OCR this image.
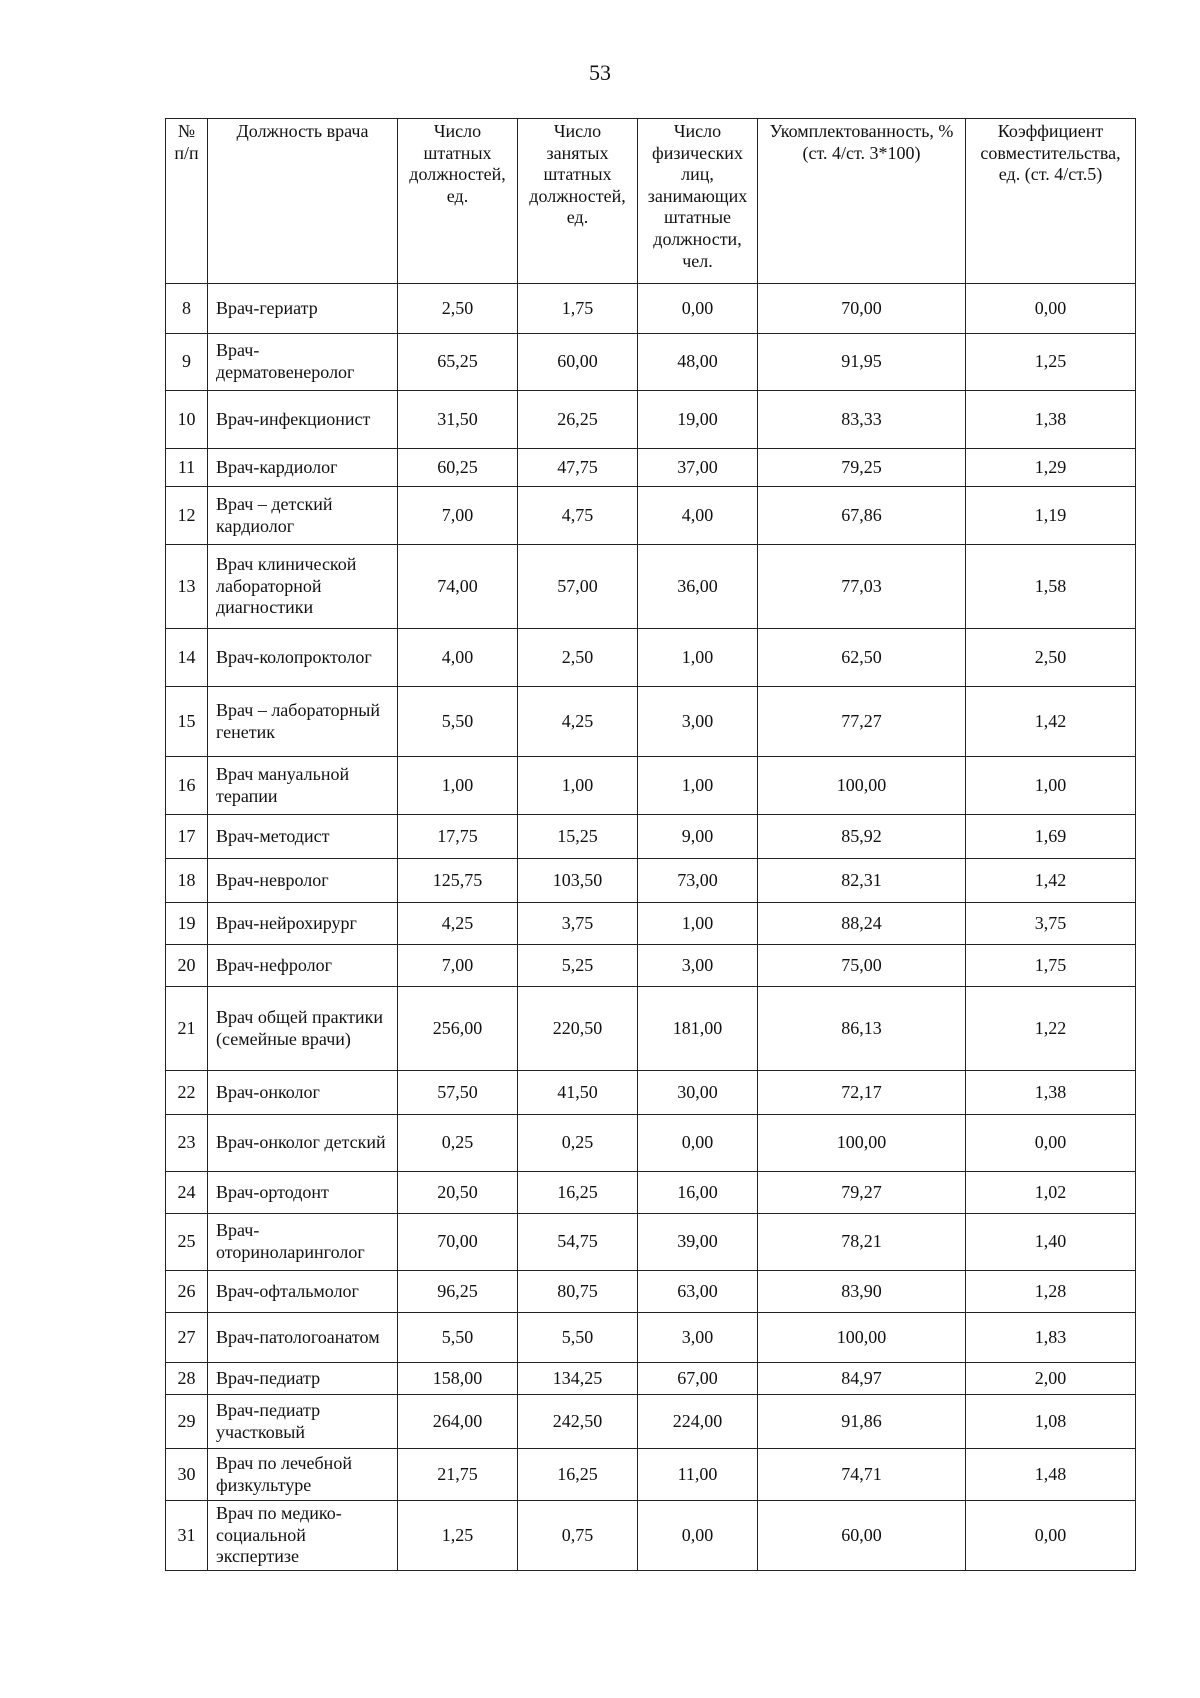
53
№ п/п	Должность врача	Число штатных должностей, ед.	Число занятых штатных должностей, ед.	Число физических лиц, занимающих штатные должности, чел.	Укомплектованность, % (ст. 4/ст. 3*100)	Коэффициент совместительства, ед. (ст. 4/ст.5)
8	Врач-гериатр	2,50	1,75	0,00	70,00	0,00
9	Врач-дерматовенеролог	65,25	60,00	48,00	91,95	1,25
10	Врач-инфекционист	31,50	26,25	19,00	83,33	1,38
11	Врач-кардиолог	60,25	47,75	37,00	79,25	1,29
12	Врач – детский кардиолог	7,00	4,75	4,00	67,86	1,19
13	Врач клинической лабораторной диагностики	74,00	57,00	36,00	77,03	1,58
14	Врач-колопроктолог	4,00	2,50	1,00	62,50	2,50
15	Врач – лабораторный генетик	5,50	4,25	3,00	77,27	1,42
16	Врач мануальной терапии	1,00	1,00	1,00	100,00	1,00
17	Врач-методист	17,75	15,25	9,00	85,92	1,69
18	Врач-невролог	125,75	103,50	73,00	82,31	1,42
19	Врач-нейрохирург	4,25	3,75	1,00	88,24	3,75
20	Врач-нефролог	7,00	5,25	3,00	75,00	1,75
21	Врач общей практики (семейные врачи)	256,00	220,50	181,00	86,13	1,22
22	Врач-онколог	57,50	41,50	30,00	72,17	1,38
23	Врач-онколог детский	0,25	0,25	0,00	100,00	0,00
24	Врач-ортодонт	20,50	16,25	16,00	79,27	1,02
25	Врач-оториноларинголог	70,00	54,75	39,00	78,21	1,40
26	Врач-офтальмолог	96,25	80,75	63,00	83,90	1,28
27	Врач-патологоанатом	5,50	5,50	3,00	100,00	1,83
28	Врач-педиатр	158,00	134,25	67,00	84,97	2,00
29	Врач-педиатр участковый	264,00	242,50	224,00	91,86	1,08
30	Врач по лечебной физкультуре	21,75	16,25	11,00	74,71	1,48
31	Врач по медико-социальной экспертизе	1,25	0,75	0,00	60,00	0,00
